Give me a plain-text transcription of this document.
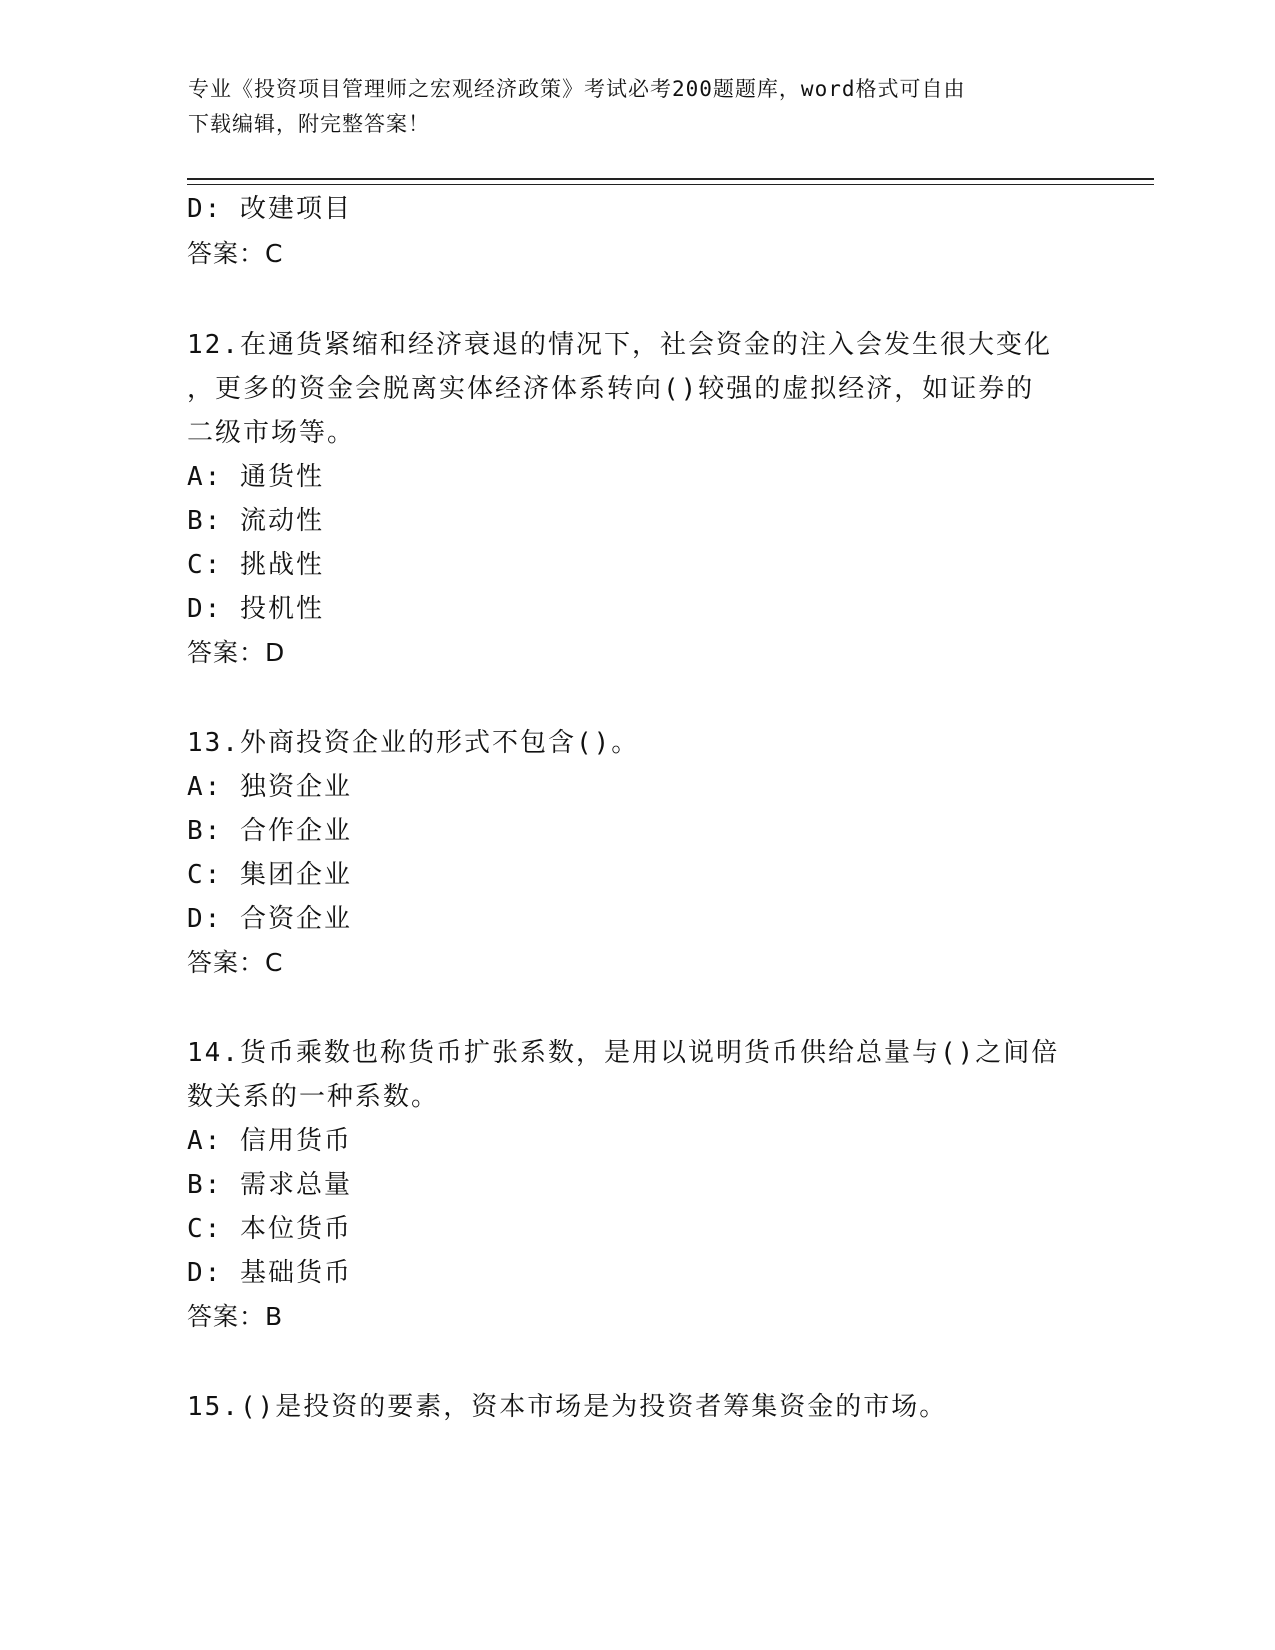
专业《投资项目管理师之宏观经济政策》考试必考200题题库，word格式可自由
下载编辑，附完整答案！
D: 改建项目
答案：C
12.在通货紧缩和经济衰退的情况下，社会资金的注入会发生很大变化
，更多的资金会脱离实体经济体系转向()较强的虚拟经济，如证券的
二级市场等。
A: 通货性
B: 流动性
C: 挑战性
D: 投机性
答案：D
13.外商投资企业的形式不包含()。
A: 独资企业
B: 合作企业
C: 集团企业
D: 合资企业
答案：C
14.货币乘数也称货币扩张系数，是用以说明货币供给总量与()之间倍
数关系的一种系数。
A: 信用货币
B: 需求总量
C: 本位货币
D: 基础货币
答案：B
15.()是投资的要素，资本市场是为投资者筹集资金的市场。
